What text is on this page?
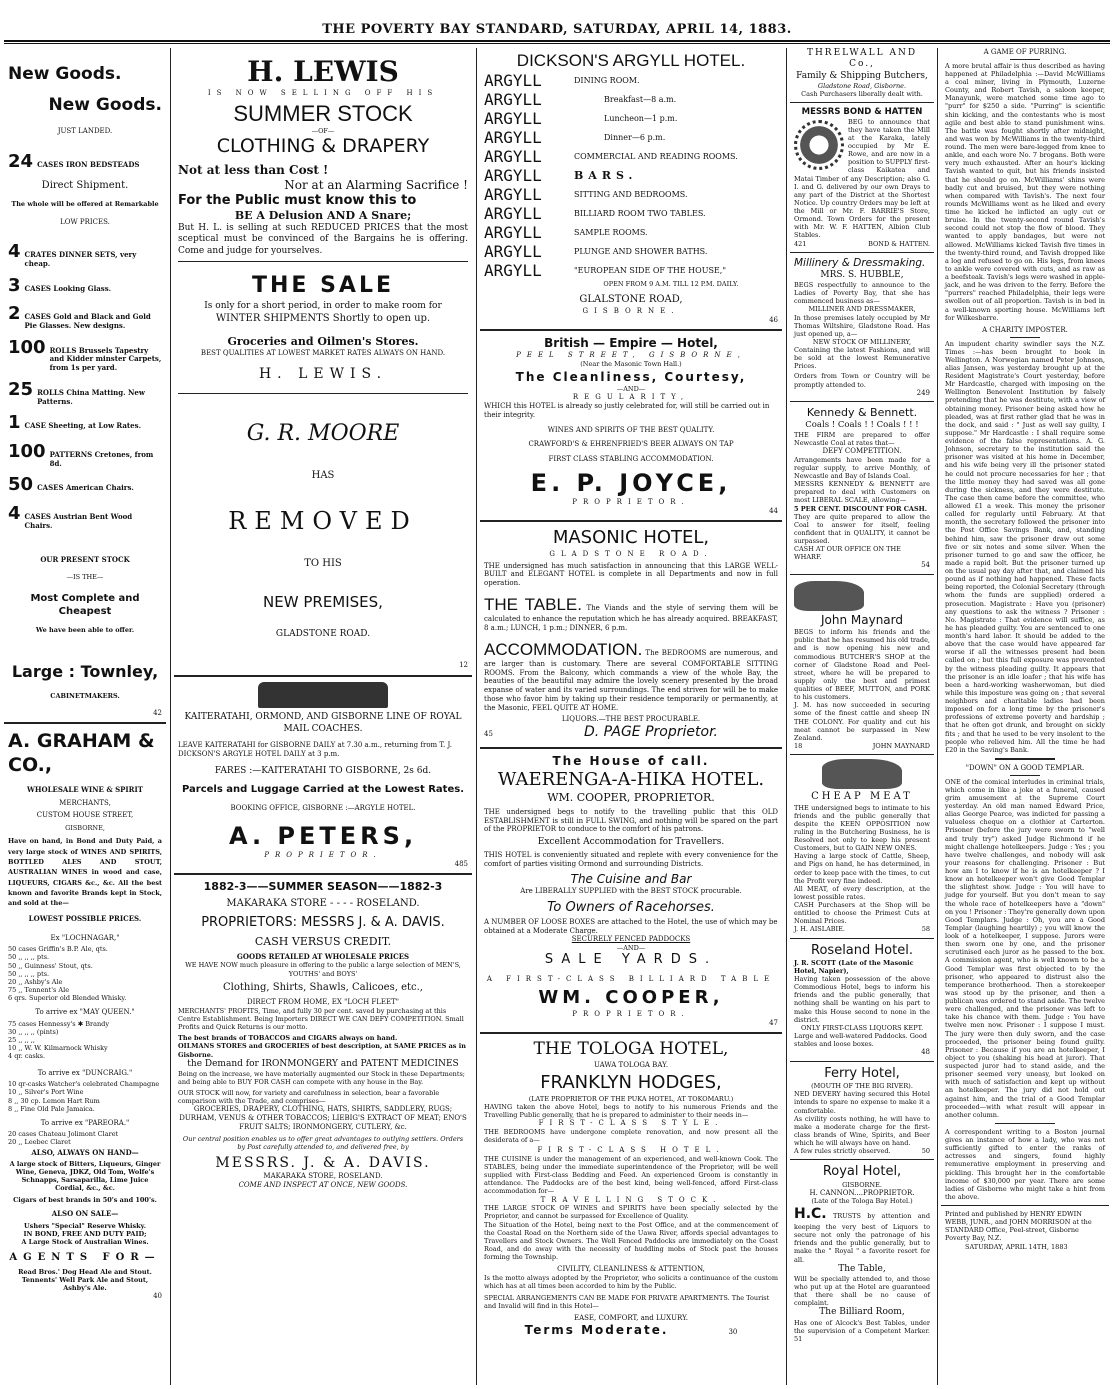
THE POVERTY BAY STANDARD, SATURDAY, APRIL 14, 1883.
New Goods.
New Goods.
JUST LANDED.
24 CASES IRON BEDSTEADS
Direct Shipment.
The whole will be offered at Remarkable
LOW PRICES.
4 CRATES DINNER SETS, very cheap.
3 CASES Looking Glass.
2 CASES Gold and Black and Gold Pie Glasses. New designs.
100 ROLLS Brussels Tapestry and Kidder minster Carpets, from 1s per yard.
25 ROLLS China Matting. New Patterns.
1 CASE Sheeting, at Low Rates.
100 PATTERNS Cretones, from 8d.
50 CASES American Chairs.
4 CASES Austrian Bent Wood Chairs.
OUR PRESENT STOCK
—IS THE—
Most Complete and Cheapest
We have been able to offer.
Large : Townley,
CABINETMAKERS.
42
A. GRAHAM & CO.,
WHOLESALE WINE & SPIRIT
MERCHANTS,
CUSTOM HOUSE STREET,
GISBORNE,
Have on hand, in Bond and Duty Paid, a very large stock of WINES AND SPIRITS, BOTTLED ALES AND STOUT, AUSTRALIAN WINES in wood and case, LIQUEURS, CIGARS &c., &c. All the best known and favorite Brands kept in Stock, and sold at the—
LOWEST POSSIBLE PRICES.
Ex "LOCHNAGAR,"
50 cases Griffin's B.P. Ale, qts.
50 ,, ,, ,, pts.
50 ,, Guinness' Stout, qts.
50 ,, ,, ,, pts.
20 ,, Ashby's Ale
75 ,, Tennent's Ale
6 qrs. Superior old Blended Whisky.
To arrive ex "MAY QUEEN."
75 cases Hennessy's ✱ Brandy
30 ,, ,, ,, (pints)
25 ,, ,, ,,
10 ,, W. W. Kilmarnock Whisky
4 qr. casks.
To arrive ex "DUNCRAIG."
10 qr-casks Watcher's celebrated Champagne
10 ,, Silver's Port Wine
8 ,, 30 cp. Lemon Hart Rum
8 ,, Fine Old Pale Jamaica.
To arrive ex "PAREORA."
20 cases Chateau Jolimont Claret
20 ,, Leebec Claret
ALSO, ALWAYS ON HAND—
A large stock of Bitters, Liqueurs, Ginger Wine, Geneva, JDKZ, Old Tom, Wolfe's Schnapps, Sarsaparilla, Lime Juice Cordial, &c., &c.
Cigars of best brands in 50's and 100's.
ALSO ON SALE—
Ushers "Special" Reserve Whisky.
IN BOND, FREE AND DUTY PAID;
A Large Stock of Australian Wines.
AGENTS FOR—
Read Bros.' Dog Head Ale and Stout.
Tennents' Well Park Ale and Stout, Ashby's Ale.
40
H. LEWIS
IS NOW SELLING OFF HIS
SUMMER STOCK
—OF—
CLOTHING & DRAPERY
Not at less than Cost !
Nor at an Alarming Sacrifice !
For the Public must know this to
BE A Delusion AND A Snare;
But H. L. is selling at such REDUCED PRICES that the most sceptical must be convinced of the Bargains he is offering. Come and judge for yourselves.
THE SALE
Is only for a short period, in order to make room for
WINTER SHIPMENTS Shortly to open up.
Groceries and Oilmen's Stores.
BEST QUALITIES AT LOWEST MARKET RATES ALWAYS ON HAND.
H. LEWIS.
G. R. MOORE
HAS
REMOVED
TO HIS
NEW PREMISES,
GLADSTONE ROAD.
12
KAITERATAHI, ORMOND, AND GISBORNE LINE OF ROYAL MAIL COACHES.
LEAVE KAITERATAHI for GISBORNE DAILY at 7.30 a.m., returning from T. J. DICKSON'S ARGYLE HOTEL DAILY at 3 p.m.
FARES :—KAITERATAHI TO GISBORNE, 2s 6d.
Parcels and Luggage Carried at the Lowest Rates.
BOOKING OFFICE, GISBORNE :—ARGYLE HOTEL.
A. PETERS,
PROPRIETOR.
485
1882-3——SUMMER SEASON——1882-3
MAKARAKA STORE - - - - ROSELAND.
PROPRIETORS: MESSRS J. & A. DAVIS.
CASH VERSUS CREDIT.
GOODS RETAILED AT WHOLESALE PRICES
WE HAVE NOW much pleasure in offering to the public a large selection of MEN'S, YOUTHS' and BOYS'
Clothing, Shirts, Shawls, Calicoes, etc.,
DIRECT FROM HOME, EX "LOCH FLEET"
MERCHANTS' PROFITS, Time, and fully 30 per cent. saved by purchasing at this Centre Establishment. Being Importers DIRECT WE CAN DEFY COMPETITION. Small Profits and Quick Returns is our motto.
The best brands of TOBACCOS and CIGARS always on hand.
OILMANS STORES and GROCERIES of best description, at SAME PRICES as in Gisborne.
the Demand for IRONMONGERY and PATENT MEDICINES
Being on the increase, we have materially augmented our Stock in these Departments; and being able to BUY FOR CASH can compete with any house in the Bay.
OUR STOCK will now, for variety and carefulness in selection, bear a favorable comparison with the Trade, and comprises—
GROCERIES, DRAPERY, CLOTHING, HATS, SHIRTS, SADDLERY, RUGS; DURHAM, VENUS & OTHER TOBACCOS; LIEBIG'S EXTRACT OF MEAT; ENO'S FRUIT SALTS; IRONMONGERY, CUTLERY, &c.
Our central position enables us to offer great advantages to outlying settlers. Orders by Post carefully attended to, and delivered free, by
MESSRS. J. & A. DAVIS.
MAKARAKA STORE, ROSELAND.
COME AND INSPECT AT ONCE, NEW GOODS.
DICKSON'S ARGYLL HOTEL.
ARGYLL	DINING ROOM.
ARGYLL	Breakfast—8 a.m.
ARGYLL	Luncheon—1 p.m.
ARGYLL	Dinner—6 p.m.
ARGYLL	COMMERCIAL AND READING ROOMS.
ARGYLL	BARS.
ARGYLL	SITTING AND BEDROOMS.
ARGYLL	BILLIARD ROOM TWO TABLES.
ARGYLL	SAMPLE ROOMS.
ARGYLL	PLUNGE AND SHOWER BATHS.
ARGYLL	"EUROPEAN SIDE OF THE HOUSE,"
OPEN FROM 9 A.M. TILL 12 P.M. DAILY.
GLALSTONE ROAD,
GISBORNE.
46
British — Empire — Hotel,
PEEL STREET, GISBORNE,
(Near the Masonic Town Hall.)
The Cleanliness, Courtesy,
—AND—
REGULARITY,
WHICH this HOTEL is already so justly celebrated for, will still be carried out in their integrity.
WINES AND SPIRITS OF THE BEST QUALITY.
CRAWFORD'S & EHRENFRIED'S BEER ALWAYS ON TAP
FIRST CLASS STABLING ACCOMMODATION.
E. P. JOYCE,
PROPRIETOR.
44
MASONIC HOTEL,
GLADSTONE ROAD.
THE undersigned has much satisfaction in announcing that this LARGE WELL-BUILT and ELEGANT HOTEL is complete in all Departments and now in full operation.
THE TABLE. The Viands and the style of serving them will be calculated to enhance the reputation which he has already acquired. BREAKFAST, 8 a.m.; LUNCH, 1 p.m.; DINNER, 6 p.m.
ACCOMMODATION. The BEDROOMS are numerous, and are larger than is customary. There are several COMFORTABLE SITTING ROOMS. From the Balcony, which commands a view of the whole Bay, the beauties of the beautiful may admire the lovely scenery presented by the broad expanse of water and its varied surroundings. The end striven for will be to make those who favor him by taking up their residence temporarily or permanently, at the Masonic, FEEL QUITE AT HOME.
LIQUORS.—THE BEST PROCURABLE.
45	D. PAGE Proprietor.
The House of call.
WAERENGA-A-HIKA HOTEL.
WM. COOPER, PROPRIETOR.
THE undersigned begs to notify to the travelling public that this OLD ESTABLISHMENT is still in FULL SWING, and nothing will be spared on the part of the PROPRIETOR to conduce to the comfort of his patrons.
Excellent Accommodation for Travellers.
THIS HOTEL is conveniently situated and replete with every convenience for the comfort of parties visiting Ormond and surrounding Districts.
The Cuisine and Bar
Are LIBERALLY SUPPLIED with the BEST STOCK procurable.
To Owners of Racehorses.
A NUMBER OF LOOSE BOXES are attached to the Hotel, the use of which may be obtained at a Moderate Charge.
SECURELY FENCED PADDOCKS
—AND—
SALE YARDS.
A FIRST-CLASS BILLIARD TABLE
WM. COOPER,
PROPRIETOR.
47
THE TOLOGA HOTEL,
UAWA TOLOGA BAY.
FRANKLYN HODGES,
(LATE PROPRIETOR OF THE PUKA HOTEL, AT TOKOMARU.)
HAVING taken the above Hotel, begs to notify to his numerous Friends and the Travelling Public generally, that he is prepared to administer to their needs in—
FIRST-CLASS STYLE.
THE BEDROOMS have undergone complete renovation, and now present all the desiderata of a—
FIRST-CLASS HOTEL.
THE CUISINE is under the management of an experienced, and well-known Cook. The STABLES, being under the immediate superintendence of the Proprietor, will be well supplied with First-class Bedding and Feed. An experienced Groom is constantly in attendance. The Paddocks are of the best kind, being well-fenced, afford First-class accommodation for—
TRAVELLING STOCK.
THE LARGE STOCK OF WINES and SPIRITS have been specially selected by the Proprietor, and cannot be surpassed for Excellence of Quality.
The Situation of the Hotel, being next to the Post Office, and at the commencement of the Coastal Road on the Northern side of the Uawa River, affords special advantages to Travellers and Stock Owners. The Well Fenced Paddocks are immediately on the Coast Road, and do away with the necessity of huddling mobs of Stock past the houses forming the Township.
CIVILITY, CLEANLINESS & ATTENTION,
Is the motto always adopted by the Proprietor, who solicits a continuance of the custom which has at all times been accorded to him by the Public.
SPECIAL ARRANGEMENTS CAN BE MADE FOR PRIVATE APARTMENTS. The Tourist and Invalid will find in this Hotel—
EASE, COMFORT, and LUXURY.
Terms Moderate.	30
THRELWALL AND Co.,
Family & Shipping Butchers,
Gladstone Road, Gisborne.
Cash Purchasers liberally dealt with.
MESSRS BOND & HATTEN
BEG to announce that they have taken the Mill at the Karaka, lately occupied by Mr E. Rowe, and are now in a position to SUPPLY first-class Kaikatea and Matai Timber of any Description; also G. I. and G. delivered by our own Drays to any part of the District at the Shortest Notice. Up country Orders may be left at the Mill or Mr. F. BARRIE'S Store, Ormond. Town Orders for the present with Mr. W. F. HATTEN, Albion Club Stables.
421	BOND & HATTEN.
Millinery & Dressmaking.
MRS. S. HUBBLE,
BEGS respectfully to announce to the Ladies of Poverty Bay, that she has commenced business as—
MILLINER AND DRESSMAKER,
In those premises lately occupied by Mr Thomas Wiltshire, Gladstone Road. Has just opened up, a—
NEW STOCK OF MILLINERY,
Containing the latest Fashions, and will be sold at the lowest Remunerative Prices.
Orders from Town or Country will be promptly attended to.
249
Kennedy & Bennett.
Coals ! Coals ! ! Coals ! ! !
THE FIRM are prepared to offer Newcastle Coal at rates that—
DEFY COMPETITION.
Arrangements have been made for a regular supply, to arrive Monthly, of Newcastle and Bay of Islands Coal.
MESSRS KENNEDY & BENNETT are prepared to deal with Customers on most LIBERAL SCALE, allowing—
5 PER CENT. DISCOUNT FOR CASH.
They are quite prepared to allow the Coal to answer for itself, feeling confident that in QUALITY, it cannot be surpassed.
CASH AT OUR OFFICE ON THE WHARF.
54
John Maynard
BEGS to inform his friends and the public that he has resumed his old trade, and is now opening his new and commodious BUTCHER'S SHOP at the corner of Gladstone Road and Peel-street, where he will be prepared to supply only the best and primest qualities of BEEF, MUTTON, and PORK to his customers.
J. M. has now succeeded in securing some of the finest cattle and sheep IN THE COLONY. For quality and cut his meat cannot be surpassed in New Zealand.
18	JOHN MAYNARD
CHEAP MEAT
THE undersigned begs to intimate to his friends and the public generally that despite the KEEN OPPOSITION now ruling in the Butchering Business, he is Resolved not only to keep his present Customers, but to GAIN NEW ONES.
Having a large stock of Cattle, Sheep, and Pigs on hand, he has determined, in order to keep pace with the times, to cut the Profit very fine indeed.
All MEAT, of every description, at the lowest possible rates.
CASH Purchasers at the Shop will be entitled to choose the Primest Cuts at Nominal Prices.
J. H. AISLABIE.	58
Roseland Hotel.
J. R. SCOTT (Late of the Masonic Hotel, Napier),
Having taken possession of the above Commodious Hotel, begs to inform his friends and the public generally, that nothing shall be wanting on his part to make this House second to none in the district.
ONLY FIRST-CLASS LIQUORS KEPT.
Large and well-watered Paddocks. Good stables and loose boxes.
48
Ferry Hotel,
(MOUTH OF THE BIG RIVER).
NED DEVERY having secured this Hotel intends to spare no expense to make it a comfortable.
As civility costs nothing, he will have to make a moderate charge for the first-class brands of Wine, Spirits, and Beer which he will always have on hand.
A few rules strictly observed.	50
Royal Hotel,
GISBORNE.
H. CANNON....PROPRIETOR.
(Late of the Tologa Bay Hotel.)
H.C. TRUSTS by attention and keeping the very best of Liquors to secure not only the patronage of his friends and the public generally, but to make the " Royal " a favorite resort for all.
The Table,
Will be specially attended to, and those who put up at the Hotel are guaranteed that there shall be no cause of complaint.
The Billiard Room,
Has one of Alcock's Best Tables, under the supervision of a Competent Marker. 51
A GAME OF PURRING.
A more brutal affair is thus described as having happened at Philadelphia :—David McWilliams a coal miner, living in Plymouth, Luzerne County, and Robert Tavish, a saloon keeper, Manayunk, were matched some time ago to "purr" for $250 a side. "Purring" is scientific shin kicking, and the contestants who is most agile and best able to stand punishment wins. The battle was fought shortly after midnight, and was won by McWilliams in the twenty-third round. The men were bare-legged from knee to ankle, and each wore No. 7 brogans. Both were very much exhausted. After an hour's kicking Tavish wanted to quit, but his friends insisted that he should go on. McWilliams' shins were badly cut and bruised, but they were nothing when compared with Tavish's. The next four rounds McWilliams went as he liked and every time he kicked he inflicted an ugly cut or bruise. In the twenty-second round Tavish's second could not stop the flow of blood. They wanted to apply bandages, but were not allowed. McWilliams kicked Tavish five times in the twenty-third round, and Tavish dropped like a log and refused to go on. His legs, from knees to ankle were covered with cuts, and as raw as a beefsteak. Tavish's legs were washed in apple-jack, and he was driven to the ferry. Before the "purrers" reached Philadelphia, their legs were swollen out of all proportion. Tavish is in bed in a well-known sporting house. McWilliams left for Wilkesbarre.
A CHARITY IMPOSTER.
An impudent charity swindler says the N.Z. Times :—has been brought to book in Wellington. A Norwegian named Peter Johnson, alias Jansen, was yesterday brought up at the Resident Magistrate's Court yesterday, before Mr Hardcastle, charged with imposing on the Wellington Benevolent Institution by falsely pretending that he was destitute, with a view of obtaining money. Prisoner being asked how he pleaded, was at first rather glad that he was in the dock, and said : " Just as well say guilty, I suppose." Mr Hardcastle : I shall require some evidence of the false representations. A. G. Johnson, secretary to the institution said the prisoner was visited at his home in December, and his wife being very ill the prisoner stated he could not procure necessaries for her ; that the little money they had saved was all gone during the sickness, and they were destitute. The case then came before the committee, who allowed £1 a week. This money the prisoner called for regularly until February. At that month, the secretary followed the prisoner into the Post Office Savings Bank, and, standing behind him, saw the prisoner draw out some five or six notes and some silver. When the prisoner turned to go and saw the officer, he made a rapid bolt. But the prisoner turned up on the usual pay day after that, and claimed his pound as if nothing had happened. These facts being reported, the Colonial Secretary (through whom the funds are supplied) ordered a prosecution. Magistrate : Have you (prisoner) any questions to ask the witness ? Prisoner : No. Magistrate : That evidence will suffice, as he has pleaded guilty. You are sentenced to one month's hard labor. It should be added to the above that the case would have appeared far worse if all the witnesses present had been called on ; but this full exposure was prevented by the witness pleading guilty. It appears that the prisoner is an idle loafer ; that his wife has been a hard-working washerwoman, but died while this imposture was going on ; that several neighbors and charitable ladies had been imposed on for a long time by the prisoner's professions of extreme poverty and hardship ; that he often got drunk, and brought on sickly fits ; and that he used to be very insolent to the people who relieved him. All the time he had £20 in the Saving's Bank.
"DOWN" ON A GOOD TEMPLAR.
ONE of the comical interludes in criminal trials, which come in like a joke at a funeral, caused grim amusement at the Supreme Court yesterday. An old man named Edward Price, alias George Pearce, was indicted for passing a valueless cheque on a clothier at Carterton. Prisoner (before the jury were sworn to "well and truly try") asked Judge Richmond if he might challenge hotelkeepers. Judge : Yes ; you have twelve challenges, and nobody will ask your reasons for challenging. Prisoner : But how am I to know if he is an hotelkeeper ? I know an hotelkeeper won't give Good Templar the slightest show. Judge : You will have to judge for yourself. But you don't mean to say the whole race of hotelkeepers have a "down" on you ! Prisoner : They're generally down upon Good Templars. Judge : Oh, you are a Good Templar (laughing heartily) ; you will know the look of a hotelkeeper, I suppose. Jurors were then sworn one by one, and the prisoner scrutinised each juror as he passed to the box. A commission agent, who is well known to be a Good Templar was first objected to by the prisoner, who appeared to distrust also the temperance brotherhood. Then a storekeeper was stood up by the prisoner, and then a publican was ordered to stand aside. The twelve were challenged, and the prisoner was left to take his chance with them. Judge : You have twelve men now. Prisoner : I suppose I must. The jury were then duly sworn, and the case proceeded, the prisoner being found guilty. Prisoner : Because if you are an hotelkeeper, I object to you (shaking his head at juror). That suspected juror had to stand aside, and the prisoner seemed very uneasy, but looked on with much of satisfaction and kept up without an hotelkeeper. The jury did not hold out against him, and the trial of a Good Templar proceeded—with what result will appear in another column.
A correspondent writing to a Boston journal gives an instance of how a lady, who was not sufficiently gifted to enter the ranks of actresses and singers, found highly remunerative employment in preserving and pickling. This brought her in the comfortable income of $30,000 per year. There are some ladies of Gisborne who might take a hint from the above.
Printed and published by HENRY EDWIN WEBB, JUNR., and JOHN MORRISON at the STANDARD Office, Peel-street, Gisborne Poverty Bay, N.Z.
SATURDAY, APRIL 14TH, 1883
